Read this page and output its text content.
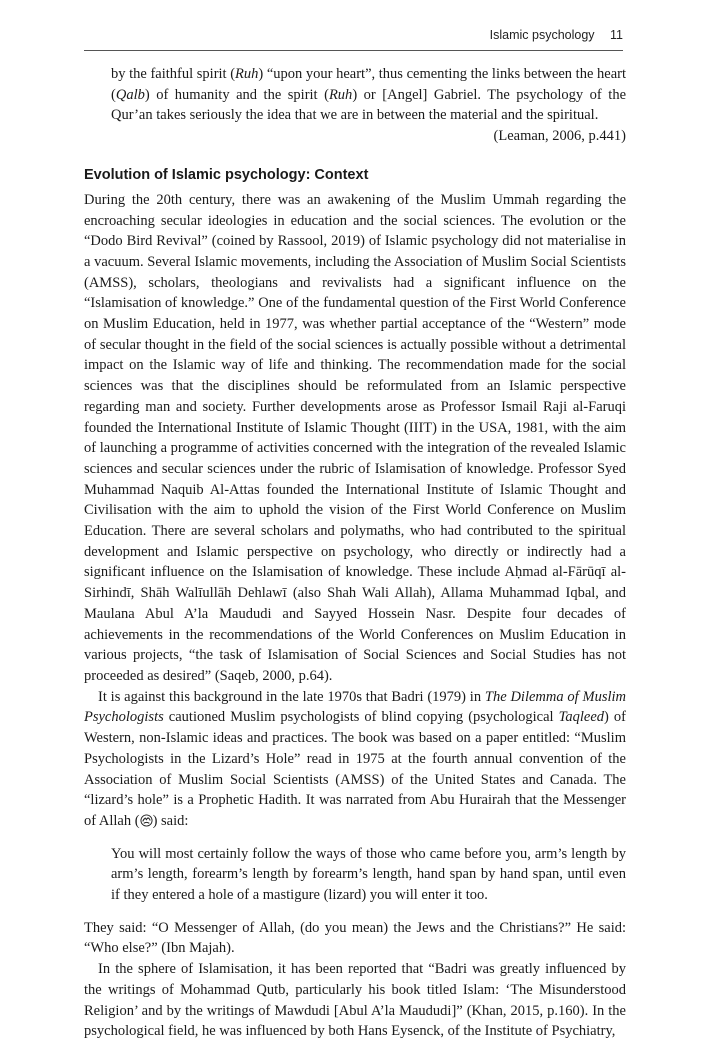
Islamic psychology 11

by the faithful spirit (Ruh) “upon your heart”, thus cementing the links between the heart (Qalb) of humanity and the spirit (Ruh) or [Angel] Gabriel. The psychology of the Qur’an takes seriously the idea that we are in between the material and the spiritual.

(Leaman, 2006, p.441)

Evolution of Islamic psychology: Context

During the 20th century, there was an awakening of the Muslim Ummah regarding the encroaching secular ideologies in education and the social sciences. The evolution or the “Dodo Bird Revival” (coined by Rassool, 2019) of Islamic psychology did not materialise in a vacuum. Several Islamic movements, including the Association of Muslim Social Scientists (AMSS), scholars, theologians and revivalists had a significant influence on the “Islamisation of knowledge.” One of the fundamental question of the First World Conference on Muslim Education, held in 1977, was whether partial acceptance of the “Western” mode of secular thought in the field of the social sciences is actually possible without a detrimental impact on the Islamic way of life and thinking. The recommendation made for the social sciences was that the disciplines should be reformulated from an Islamic perspective regarding man and society. Further developments arose as Professor Ismail Raji al-Faruqi founded the International Institute of Islamic Thought (IIIT) in the USA, 1981, with the aim of launching a programme of activities concerned with the integration of the revealed Islamic sciences and secular sciences under the rubric of Islamisation of knowledge. Professor Syed Muhammad Naquib Al-Attas founded the International Institute of Islamic Thought and Civilisation with the aim to uphold the vision of the First World Conference on Muslim Education. There are several scholars and polymaths, who had contributed to the spiritual development and Islamic perspective on psychology, who directly or indirectly had a significant influence on the Islamisation of knowledge. These include Aḥmad al-Fārūqī al-Sirhindī, Shāh Walīullāh Dehlawī (also Shah Wali Allah), Allama Muhammad Iqbal, and Maulana Abul A’la Maududi and Sayyed Hossein Nasr. Despite four decades of achievements in the recommendations of the World Conferences on Muslim Education in various projects, “the task of Islamisation of Social Sciences and Social Studies has not proceeded as desired” (Saqeb, 2000, p.64).

It is against this background in the late 1970s that Badri (1979) in The Dilemma of Muslim Psychologists cautioned Muslim psychologists of blind copying (psychological Taqleed) of Western, non-Islamic ideas and practices. The book was based on a paper entitled: “Muslim Psychologists in the Lizard’s Hole” read in 1975 at the fourth annual convention of the Association of Muslim Social Scientists (AMSS) of the United States and Canada. The “lizard’s hole” is a Prophetic Hadith. It was narrated from Abu Hurairah that the Messenger of Allah ( ) said:

You will most certainly follow the ways of those who came before you, arm’s length by arm’s length, forearm’s length by forearm’s length, hand span by hand span, until even if they entered a hole of a mastigure (lizard) you will enter it too.

They said: “O Messenger of Allah, (do you mean) the Jews and the Christians?” He said: “Who else?” (Ibn Majah).

In the sphere of Islamisation, it has been reported that “Badri was greatly influenced by the writings of Mohammad Qutb, particularly his book titled Islam: ‘The Misunderstood Religion’ and by the writings of Mawdudi [Abul A’la Maududi]” (Khan, 2015, p.160). In the psychological field, he was influenced by both Hans Eysenck, of the Institute of Psychiatry,
